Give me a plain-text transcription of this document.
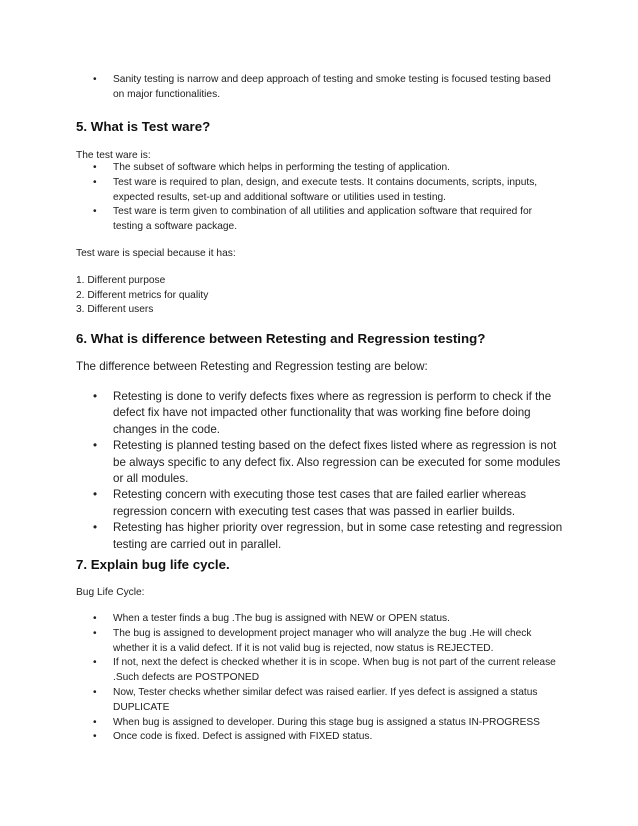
• Sanity testing is narrow and deep approach of testing and smoke testing is focused testing based on major functionalities.
5. What is Test ware?
The test ware is:
• The subset of software which helps in performing the testing of application.
• Test ware is required to plan, design, and execute tests. It contains documents, scripts, inputs, expected results, set-up and additional software or utilities used in testing.
• Test ware is term given to combination of all utilities and application software that required for testing a software package.
Test ware is special because it has:
1. Different purpose
2. Different metrics for quality
3. Different users
6. What is difference between Retesting and Regression testing?
The difference between Retesting and Regression testing are below:
• Retesting is done to verify defects fixes where as regression is perform to check if the defect fix have not impacted other functionality that was working fine before doing changes in the code.
• Retesting is planned testing based on the defect fixes listed where as regression is not be always specific to any defect fix. Also regression can be executed for some modules or all modules.
• Retesting concern with executing those test cases that are failed earlier whereas regression concern with executing test cases that was passed in earlier builds.
• Retesting has higher priority over regression, but in some case retesting and regression testing are carried out in parallel.
7. Explain bug life cycle.
Bug Life Cycle:
• When a tester finds a bug .The bug is assigned with NEW or OPEN status.
• The bug is assigned to development project manager who will analyze the bug .He will check whether it is a valid defect. If it is not valid bug is rejected, now status is REJECTED.
• If not, next the defect is checked whether it is in scope. When bug is not part of the current release .Such defects are POSTPONED
• Now, Tester checks whether similar defect was raised earlier. If yes defect is assigned a status DUPLICATE
• When bug is assigned to developer. During this stage bug is assigned a status IN-PROGRESS
• Once code is fixed. Defect is assigned with FIXED status.
